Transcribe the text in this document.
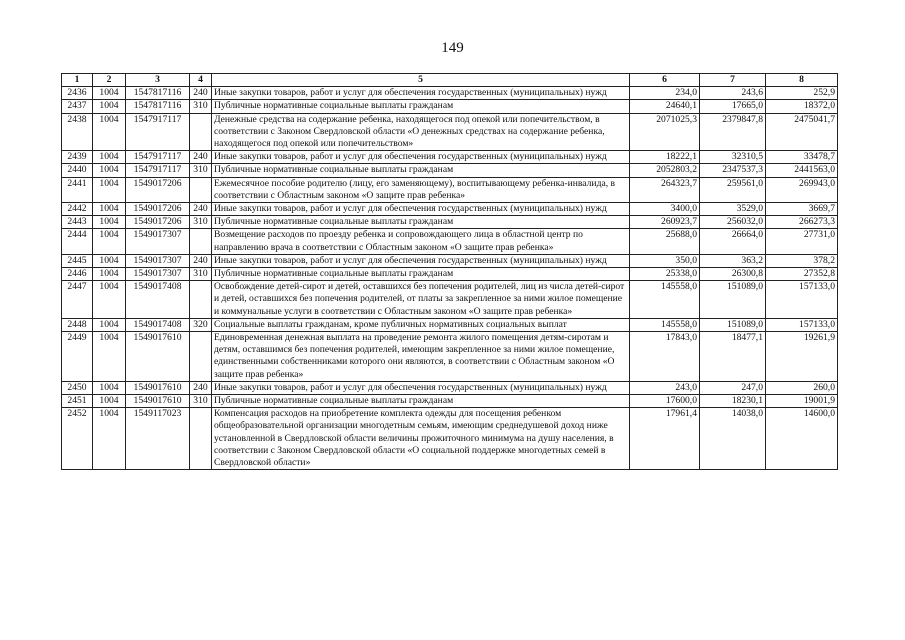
149
1	2	3	4	5	6	7	8
2436	1004	1547817116	240	Иные закупки товаров, работ и услуг для обеспечения государственных (муниципальных) нужд	234,0	243,6	252,9
2437	1004	1547817116	310	Публичные нормативные социальные выплаты гражданам	24640,1	17665,0	18372,0
2438	1004	1547917117		Денежные средства на содержание ребенка, находящегося под опекой или попечительством, в соответствии с Законом Свердловской области «О денежных средствах на содержание ребенка, находящегося под опекой или попечительством»	2071025,3	2379847,8	2475041,7
2439	1004	1547917117	240	Иные закупки товаров, работ и услуг для обеспечения государственных (муниципальных) нужд	18222,1	32310,5	33478,7
2440	1004	1547917117	310	Публичные нормативные социальные выплаты гражданам	2052803,2	2347537,3	2441563,0
2441	1004	1549017206		Ежемесячное пособие родителю (лицу, его заменяющему), воспитывающему ребенка-инвалида, в соответствии с Областным законом «О защите прав ребенка»	264323,7	259561,0	269943,0
2442	1004	1549017206	240	Иные закупки товаров, работ и услуг для обеспечения государственных (муниципальных) нужд	3400,0	3529,0	3669,7
2443	1004	1549017206	310	Публичные нормативные социальные выплаты гражданам	260923,7	256032,0	266273,3
2444	1004	1549017307		Возмещение расходов по проезду ребенка и сопровождающего лица в областной центр по направлению врача в соответствии с Областным законом «О защите прав ребенка»	25688,0	26664,0	27731,0
2445	1004	1549017307	240	Иные закупки товаров, работ и услуг для обеспечения государственных (муниципальных) нужд	350,0	363,2	378,2
2446	1004	1549017307	310	Публичные нормативные социальные выплаты гражданам	25338,0	26300,8	27352,8
2447	1004	1549017408		Освобождение детей-сирот и детей, оставшихся без попечения родителей, лиц из числа детей-сирот и детей, оставшихся без попечения родителей, от платы за закрепленное за ними жилое помещение и коммунальные услуги в соответствии с Областным законом «О защите прав ребенка»	145558,0	151089,0	157133,0
2448	1004	1549017408	320	Социальные выплаты гражданам, кроме публичных нормативных социальных выплат	145558,0	151089,0	157133,0
2449	1004	1549017610		Единовременная денежная выплата на проведение ремонта жилого помещения детям-сиротам и детям, оставшимся без попечения родителей, имеющим закрепленное за ними жилое помещение, единственными собственниками которого они являются, в соответствии с Областным законом «О защите прав ребенка»	17843,0	18477,1	19261,9
2450	1004	1549017610	240	Иные закупки товаров, работ и услуг для обеспечения государственных (муниципальных) нужд	243,0	247,0	260,0
2451	1004	1549017610	310	Публичные нормативные социальные выплаты гражданам	17600,0	18230,1	19001,9
2452	1004	1549117023		Компенсация расходов на приобретение комплекта одежды для посещения ребенком общеобразовательной организации многодетным семьям, имеющим среднедушевой доход ниже установленной в Свердловской области величины прожиточного минимума на душу населения, в соответствии с Законом Свердловской области «О социальной поддержке многодетных семей в Свердловской области»	17961,4	14038,0	14600,0
